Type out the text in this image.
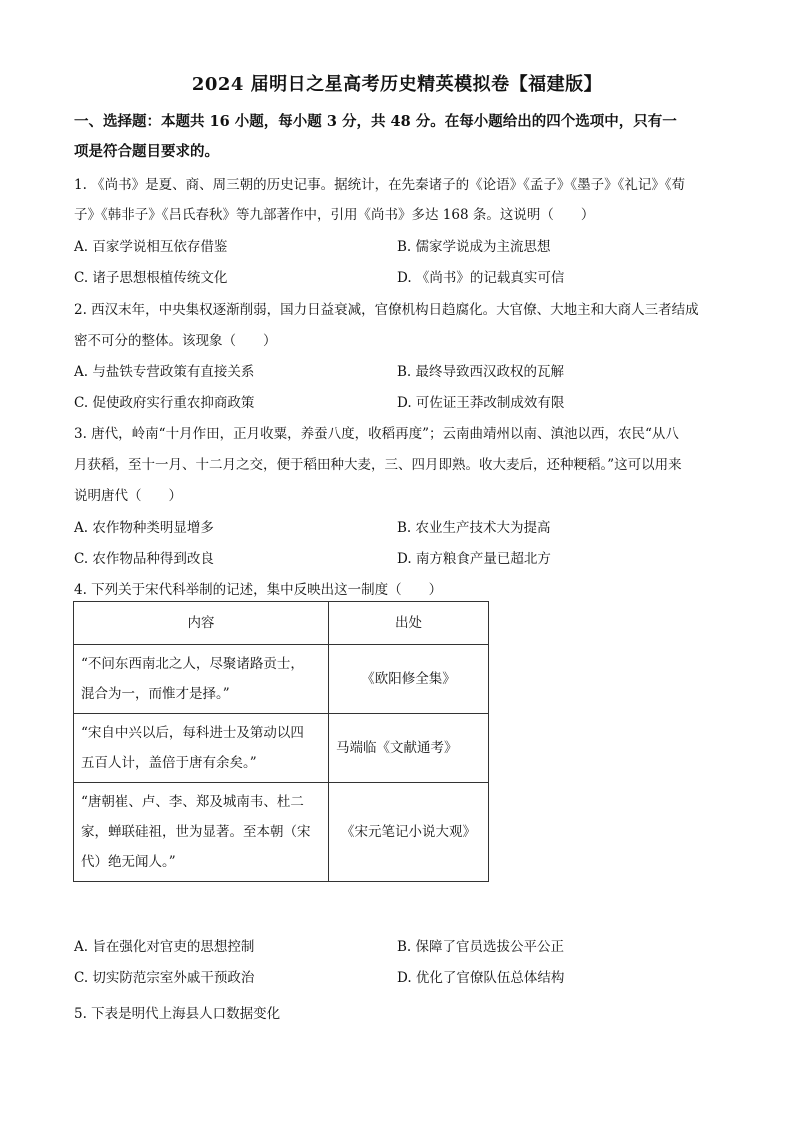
2024 届明日之星高考历史精英模拟卷【福建版】
一、选择题：本题共 16 小题，每小题 3 分，共 48 分。在每小题给出的四个选项中，只有一
项是符合题目要求的。
1. 《尚书》是夏、商、周三朝的历史记事。据统计，在先秦诸子的《论语》《孟子》《墨子》《礼记》《荀
子》《韩非子》《吕氏春秋》等九部著作中，引用《尚书》多达 168 条。这说明（　　）
A. 百家学说相互依存借鉴	B. 儒家学说成为主流思想
C. 诸子思想根植传统文化	D. 《尚书》的记载真实可信
2. 西汉末年，中央集权逐渐削弱，国力日益衰减，官僚机构日趋腐化。大官僚、大地主和大商人三者结成
密不可分的整体。该现象（　　）
A. 与盐铁专营政策有直接关系	B. 最终导致西汉政权的瓦解
C. 促使政府实行重农抑商政策	D. 可佐证王莽改制成效有限
3. 唐代，岭南“十月作田，正月收粟，养蚕八度，收稻再度”；云南曲靖州以南、滇池以西，农民“从八
月获稻，至十一月、十二月之交，便于稻田种大麦，三、四月即熟。收大麦后，还种粳稻。”这可以用来
说明唐代（　　）
A. 农作物种类明显增多	B. 农业生产技术大为提高
C. 农作物品种得到改良	D. 南方粮食产量已超北方
4. 下列关于宋代科举制的记述，集中反映出这一制度（　　）
内容	出处

“不问东西南北之人，尽聚诸路贡士，
混合为一，而惟才是择。”	《欧阳修全集》

“宋自中兴以后，每科进士及第动以四
五百人计，盖倍于唐有余矣。”	马端临《文献通考》

“唐朝崔、卢、李、郑及城南韦、杜二
家，蝉联硅祖，世为显著。至本朝（宋
代）绝无闻人。”	《宋元笔记小说大观》
A. 旨在强化对官吏的思想控制	B. 保障了官员选拔公平公正
C. 切实防范宗室外戚干预政治	D. 优化了官僚队伍总体结构
5. 下表是明代上海县人口数据变化
